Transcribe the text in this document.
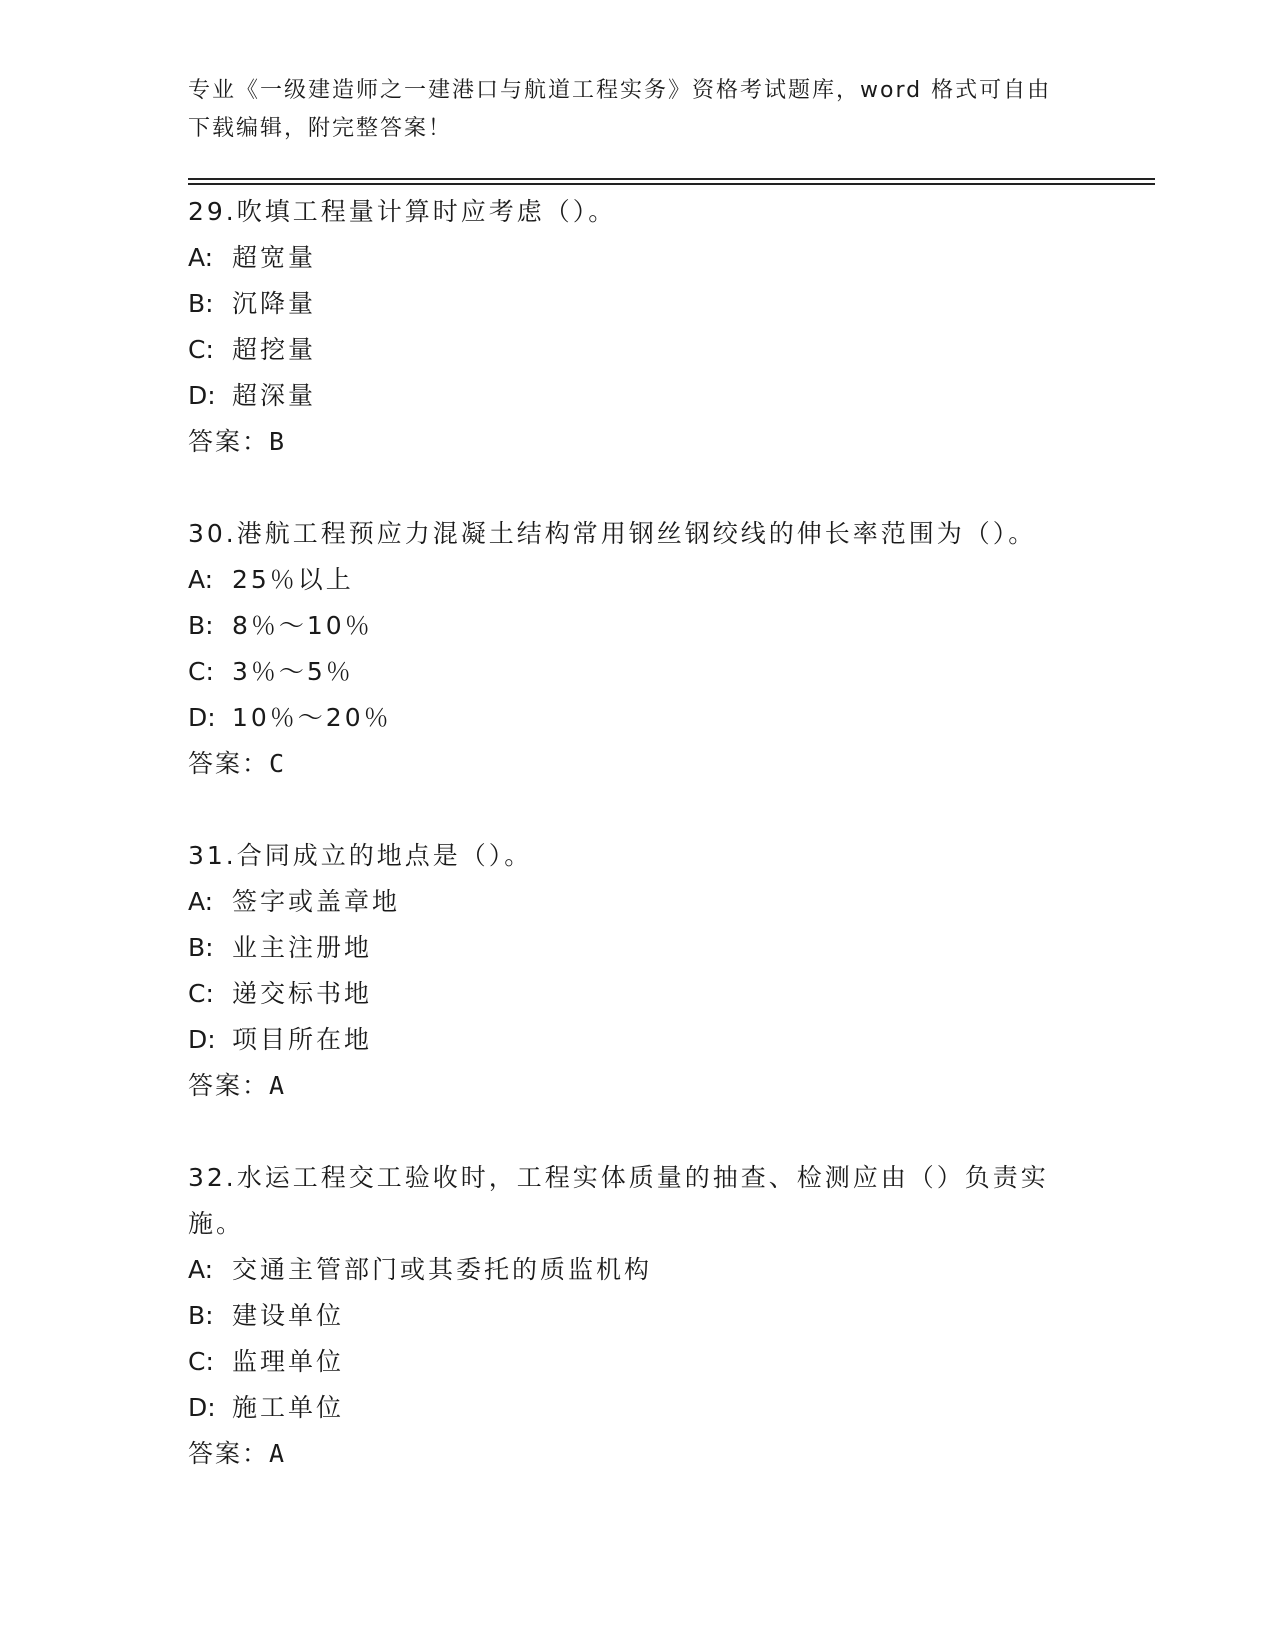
专业《一级建造师之一建港口与航道工程实务》资格考试题库，word 格式可自由
下载编辑，附完整答案！
29.吹填工程量计算时应考虑（）。
A: 超宽量
B: 沉降量
C: 超挖量
D: 超深量
答案：B
30.港航工程预应力混凝土结构常用钢丝钢绞线的伸长率范围为（）。
A: 25％以上
B: 8％～10％
C: 3％～5％
D: 10％～20％
答案：C
31.合同成立的地点是（）。
A: 签字或盖章地
B: 业主注册地
C: 递交标书地
D: 项目所在地
答案：A
32.水运工程交工验收时，工程实体质量的抽查、检测应由（）负责实
施。
A: 交通主管部门或其委托的质监机构
B: 建设单位
C: 监理单位
D: 施工单位
答案：A
